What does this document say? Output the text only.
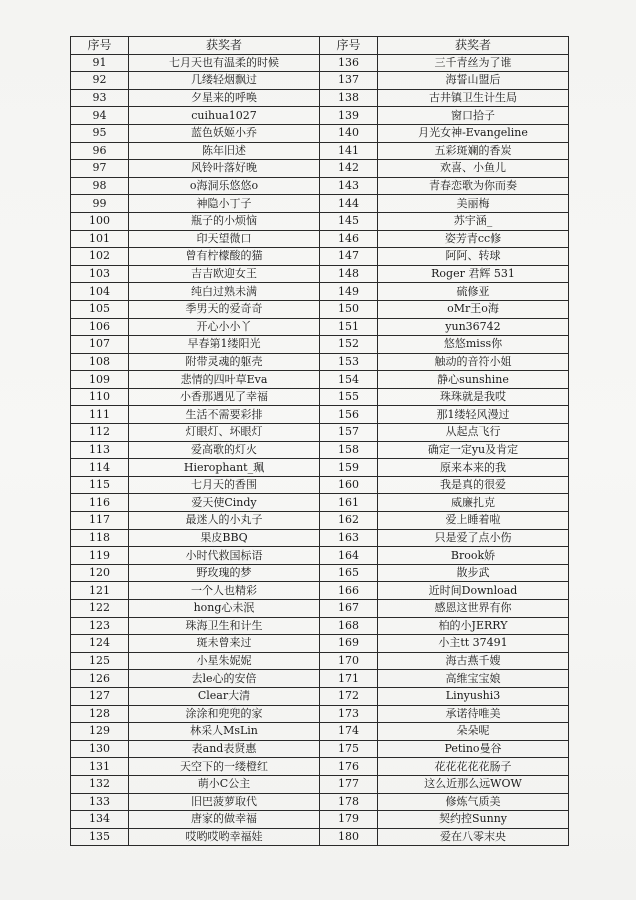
序号	获奖者	序号	获奖者
91	七月天也有温柔的时候	136	三千青丝为了谁
92	几缕轻烟飘过	137	海誓山盟后
93	夕星来的呼唤	138	古井镇卫生计生局
94	cuihua1027	139	窗口拾子
95	蓝色妖姬小乔	140	月光女神-Evangeline
96	陈年旧述	141	五彩斑斓的香炭
97	风铃叶落好晚	142	欢喜、小鱼儿
98	o海洞乐悠悠o	143	青春恋歌为你而奏
99	神隐小丁子	144	美丽梅
100	瓶子的小烦恼	145	苏宇涵_
101	印天望微口	146	姿芳青cc修
102	曾有柠檬酸的猫	147	阿阿、转球
103	吉吉欧迎女王	148	Roger 君辉 531
104	纯白过熟未满	149	硫修亚
105	季男天的爱奇奇	150	oMr王o海
106	开心小小丫	151	yun36742
107	早春第1缕阳光	152	悠悠miss你
108	附带灵魂的躯壳	153	触动的音符小姐
109	悲情的四叶草Eva	154	静心sunshine
110	小香那遇见了幸福	155	珠珠就是我哎
111	生活不需要彩排	156	那1缕轻风漫过
112	灯眼灯、坏眼灯	157	从起点飞行
113	爱高歌的灯火	158	确定一定yu及肯定
114	Hierophant_珮	159	原来本来的我
115	七月天的香围	160	我是真的很爱
116	爱天使Cindy	161	威廉扎克
117	最迷人的小丸子	162	爱上睡着啦
118	果皮BBQ	163	只是爱了点小伤
119	小时代救国标语	164	Brook娇
120	野玫瑰的梦	165	散步武
121	一个人也精彩	166	近时间Download
122	hong心未泯	167	感恩这世界有你
123	珠海卫生和计生	168	柏的小JERRY
124	斑未曾来过	169	小主tt 37491
125	小星朱妮妮	170	海古燕千嫂
126	去le心的安倍	171	高维宝宝娘
127	Clear大清	172	Linyushi3
128	涂涂和兜兜的家	173	承诺待唯美
129	林采人MsLin	174	朵朵呢
130	表and表贤惠	175	Petino曼谷
131	天空下的一缕橙红	176	花花花花花肠子
132	萌小C公主	177	这么近那么远WOW
133	旧巴菠萝取代	178	修炼气质美
134	唐家的做幸福	179	契约控Sunny
135	哎哟哎哟幸福娃	180	爱在八零末央
